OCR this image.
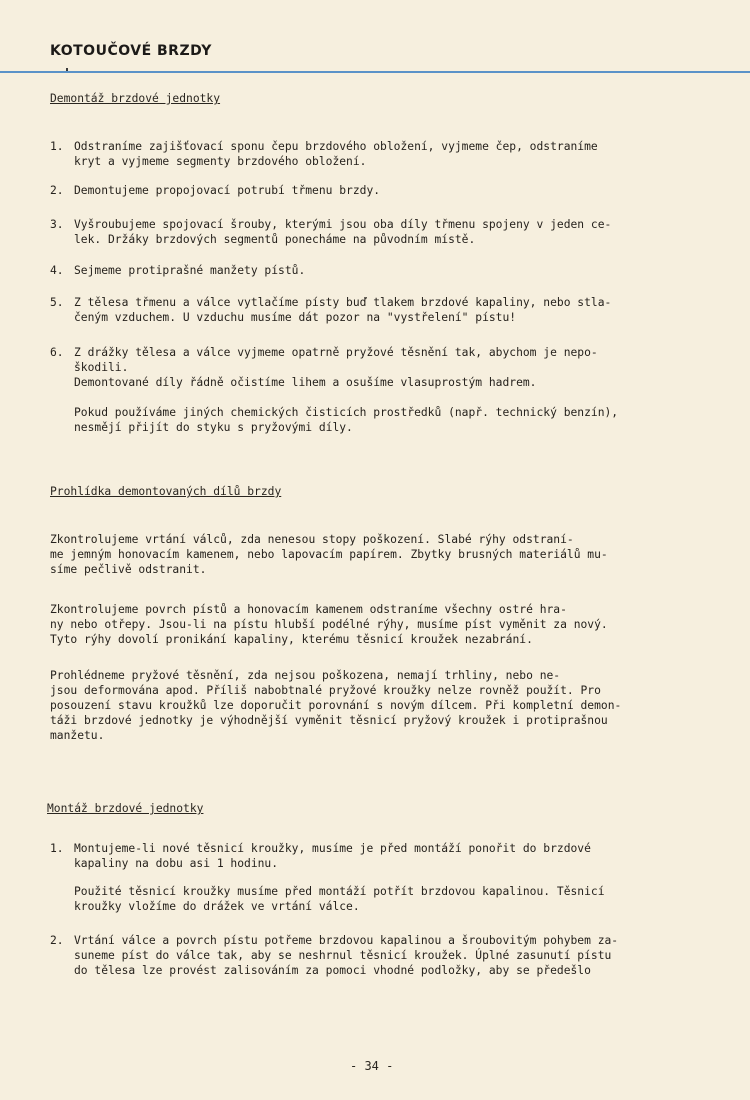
KOTOUČOVÉ BRZDY
Demontáž brzdové jednotky
1. Odstraníme zajišťovací sponu čepu brzdového obložení, vyjmeme čep, odstraníme
kryt a vyjmeme segmenty brzdového obložení.
2. Demontujeme propojovací potrubí třmenu brzdy.
3. Vyšroubujeme spojovací šrouby, kterými jsou oba díly třmenu spojeny v jeden ce-
lek. Držáky brzdových segmentů ponecháme na původním místě.
4. Sejmeme protiprašné manžety pístů.
5. Z tělesa třmenu a válce vytlačíme písty buď tlakem brzdové kapaliny, nebo stla-
čeným vzduchem. U vzduchu musíme dát pozor na "vystřelení" pístu!
6. Z drážky tělesa a válce vyjmeme opatrně pryžové těsnění tak, abychom je nepo-
škodili.
Demontované díly řádně očistíme lihem a osušíme vlasuprostým hadrem.
Pokud používáme jiných chemických čisticích prostředků (např. technický benzín),
nesmějí přijít do styku s pryžovými díly.
Prohlídka demontovaných dílů brzdy
Zkontrolujeme vrtání válců, zda nenesou stopy poškození. Slabé rýhy odstraní-
me jemným honovacím kamenem, nebo lapovacím papírem. Zbytky brusných materiálů mu-
síme pečlivě odstranit.
Zkontrolujeme povrch pístů a honovacím kamenem odstraníme všechny ostré hra-
ny nebo otřepy. Jsou-li na pístu hlubší podélné rýhy, musíme píst vyměnit za nový.
Tyto rýhy dovolí pronikání kapaliny, kterému těsnicí kroužek nezabrání.
Prohlédneme pryžové těsnění, zda nejsou poškozena, nemají trhliny, nebo ne-
jsou deformována apod. Příliš nabobtnalé pryžové kroužky nelze rovněž použít. Pro
posouzení stavu kroužků lze doporučit porovnání s novým dílcem. Při kompletní demon-
táži brzdové jednotky je výhodnější vyměnit těsnicí pryžový kroužek i protiprašnou
manžetu.
Montáž brzdové jednotky
1. Montujeme-li nové těsnicí kroužky, musíme je před montáží ponořit do brzdové
kapaliny na dobu asi 1 hodinu.
Použité těsnicí kroužky musíme před montáží potřít brzdovou kapalinou. Těsnicí
kroužky vložíme do drážek ve vrtání válce.
2. Vrtání válce a povrch pístu potřeme brzdovou kapalinou a šroubovitým pohybem za-
suneme píst do válce tak, aby se neshrnul těsnicí kroužek. Úplné zasunutí pístu
do tělesa lze provést zalisováním za pomoci vhodné podložky, aby se předešlo
- 34 -
